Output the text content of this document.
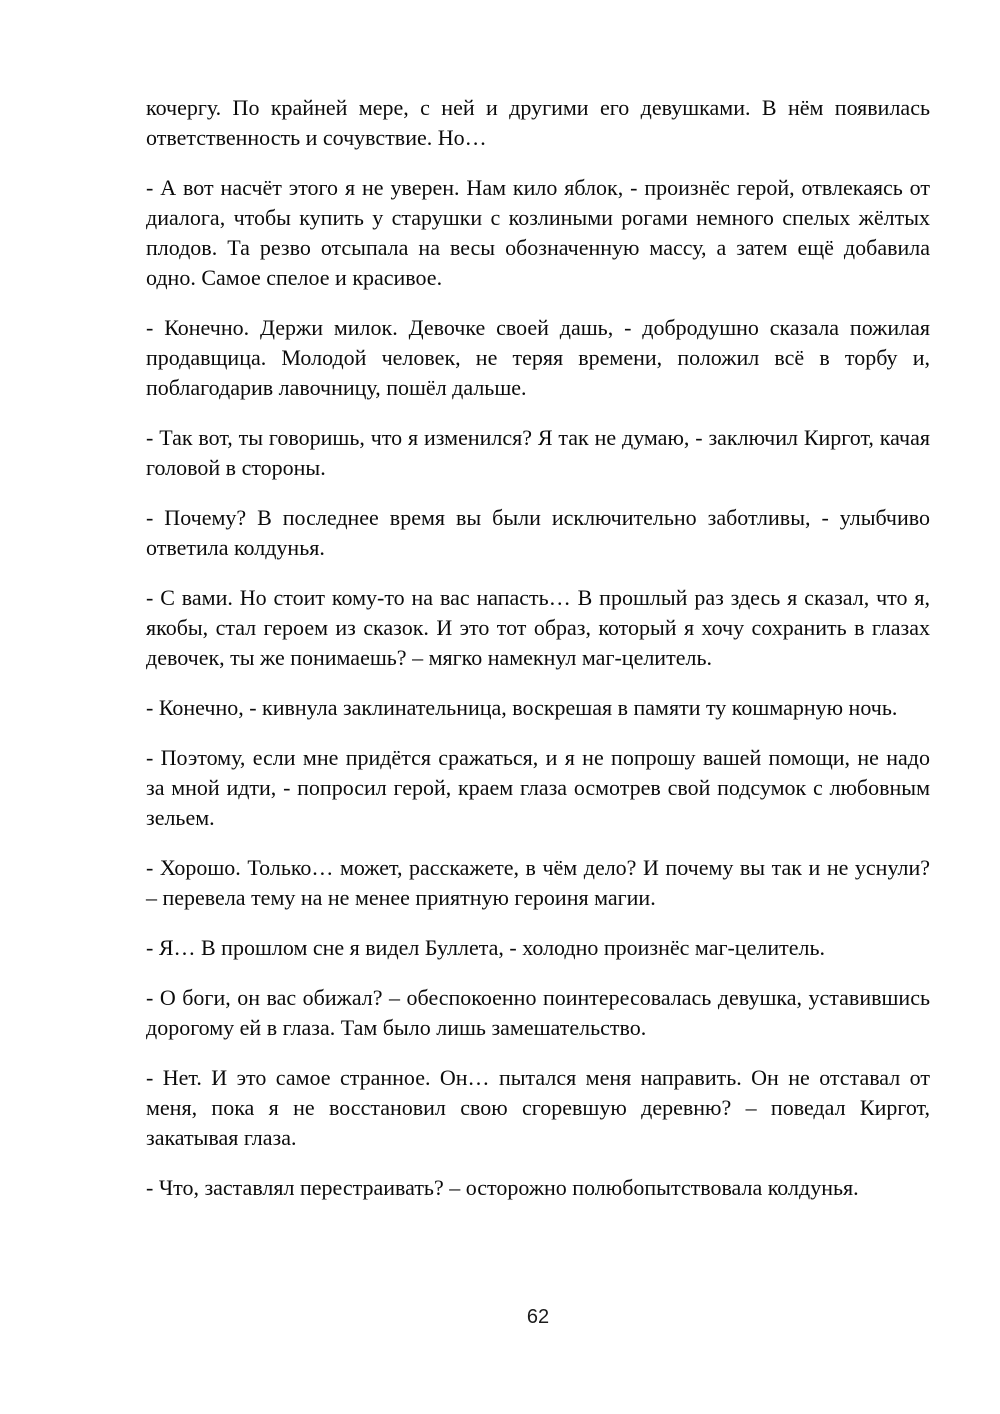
кочергу. По крайней мере, с ней и другими его девушками. В нём появилась ответственность и сочувствие. Но…

- А вот насчёт этого я не уверен. Нам кило яблок, - произнёс герой, отвлекаясь от диалога, чтобы купить у старушки с козлиными рогами немного спелых жёлтых плодов. Та резво отсыпала на весы обозначенную массу, а затем ещё добавила одно. Самое спелое и красивое.

- Конечно. Держи милок. Девочке своей дашь, - добродушно сказала пожилая продавщица. Молодой человек, не теряя времени, положил всё в торбу и, поблагодарив лавочницу, пошёл дальше.

- Так вот, ты говоришь, что я изменился? Я так не думаю, - заключил Киргот, качая головой в стороны.

- Почему? В последнее время вы были исключительно заботливы, - улыбчиво ответила колдунья.

- С вами. Но стоит кому-то на вас напасть… В прошлый раз здесь я сказал, что я, якобы, стал героем из сказок. И это тот образ, который я хочу сохранить в глазах девочек, ты же понимаешь? – мягко намекнул маг-целитель.

- Конечно, - кивнула заклинательница, воскрешая в памяти ту кошмарную ночь.

- Поэтому, если мне придётся сражаться, и я не попрошу вашей помощи, не надо за мной идти, - попросил герой, краем глаза осмотрев свой подсумок с любовным зельем.

- Хорошо. Только… может, расскажете, в чём дело? И почему вы так и не уснули? – перевела тему на не менее приятную героиня магии.

- Я… В прошлом сне я видел Буллета, - холодно произнёс маг-целитель.

- О боги, он вас обижал? – обеспокоенно поинтересовалась девушка, уставившись дорогому ей в глаза. Там было лишь замешательство.

- Нет. И это самое странное. Он… пытался меня направить. Он не отставал от меня, пока я не восстановил свою сгоревшую деревню? – поведал Киргот, закатывая глаза.

- Что, заставлял перестраивать? – осторожно полюбопытствовала колдунья.

62
